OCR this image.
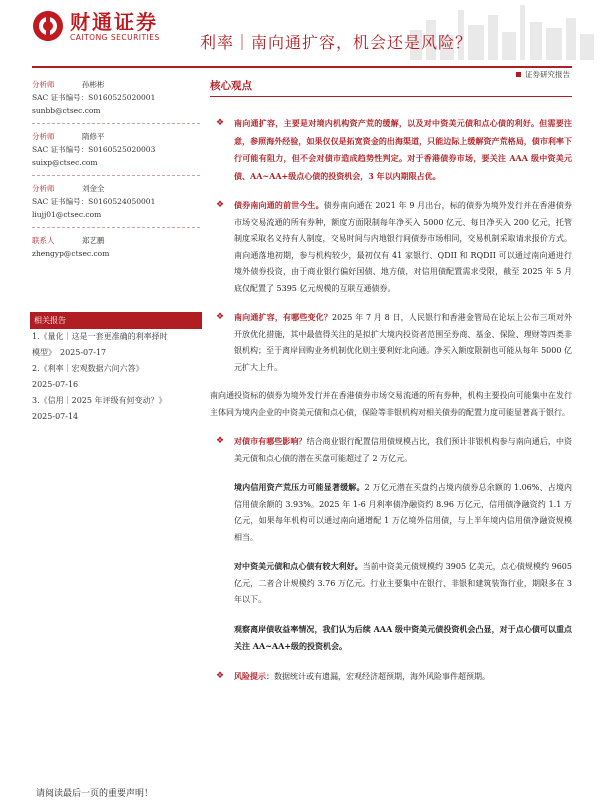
财通证券
CAITONG SECURITIES	利率｜南向通扩容，机会还是风险？
证券研究报告
分析师	孙彬彬
SAC 证书编号：S0160525020001
sunbb@ctsec.com
分析师	隋修平
SAC 证书编号：S0160525020003
suixp@ctsec.com
分析师	刘金全
SAC 证书编号：S0160524050001
liujj01@ctsec.com
联系人	郑艺鹏
zhengyp@ctsec.com
相关报告
1.《量化｜这是一套更准确的利率择时
模型》　2025-07-17
2.《利率｜宏观数据六问六答》
2025-07-16
3.《信用｜2025 年评级有何变动？》
2025-07-14
核心观点
❖ 南向通扩容，主要是对境内机构资产荒的缓解，以及对中资美元债和点心债的利好。但需要注意，参照海外经验，如果仅仅是拓宽资金的出海渠道，只能边际上缓解资产荒格局，债市利率下行可能有阻力，但不会对债市造成趋势性判定。对于香港债券市场，要关注 AAA 级中资美元债、AA~AA+级点心债的投资机会，3 年以内期限占优。
❖ 债券南向通的前世今生。债券南向通在 2021 年 9 月出台，标的债券为境外发行并在香港债券市场交易流通的所有券种，额度方面限制每年净买入 5000 亿元、每日净买入 200 亿元，托管制度采取名义持有人制度，交易时间与内地银行间债券市场相同，交易机制采取请求报价方式。南向通落地初期，参与机构较少，最初仅有 41 家银行、QDII 和 RQDII 可以通过南向通进行境外债券投资，由于商业银行偏好国债、地方债，对信用债配置需求受限，截至 2025 年 5 月底仅配置了 5395 亿元规模的互联互通债券。
❖ 南向通扩容，有哪些变化？2025 年 7 月 8 日，人民银行和香港金管局在论坛上公布三项对外开放优化措施，其中最值得关注的是拟扩大境内投资者范围至券商、基金、保险、理财等四类非银机构；至于离岸回购业务机制优化则主要利好北向通。净买入额度限制也可能从每年 5000 亿元扩大上升。
南向通投资标的债券为境外发行并在香港债券市场交易流通的所有券种，机构主要投向可能集中在发行主体同为境内企业的中资美元债和点心债，保险等非银机构对相关债券的配置力度可能显著高于银行。
❖ 对债市有哪些影响？结合商业银行配置信用债规模占比，我们预计非银机构参与南向通后，中资美元债和点心债的潜在买盘可能超过了 2 万亿元。
境内信用资产荒压力可能显著缓解。2 万亿元潜在买盘约占境内债券总余额的 1.06%、占境内信用债余额的 3.93%。2025 年 1-6 月利率债净融资约 8.96 万亿元，信用债净融资约 1.1 万亿元，如果每年机构可以通过南向通增配 1 万亿境外信用债，与上半年境内信用债净融资规模相当。
对中资美元债和点心债有较大利好。当前中资美元债规模约 3905 亿美元，点心债规模约 9605 亿元，二者合计规模约 3.76 万亿元。行业主要集中在银行、非银和建筑装饰行业，期限多在 3 年以下。
观察离岸债收益率情况，我们认为后续 AAA 级中资美元债投资机会凸显，对于点心债可以重点关注 AA~AA+级的投资机会。
❖ 风险提示：数据统计或有遗漏，宏观经济超预期，海外风险事件超预期。
请阅读最后一页的重要声明！
